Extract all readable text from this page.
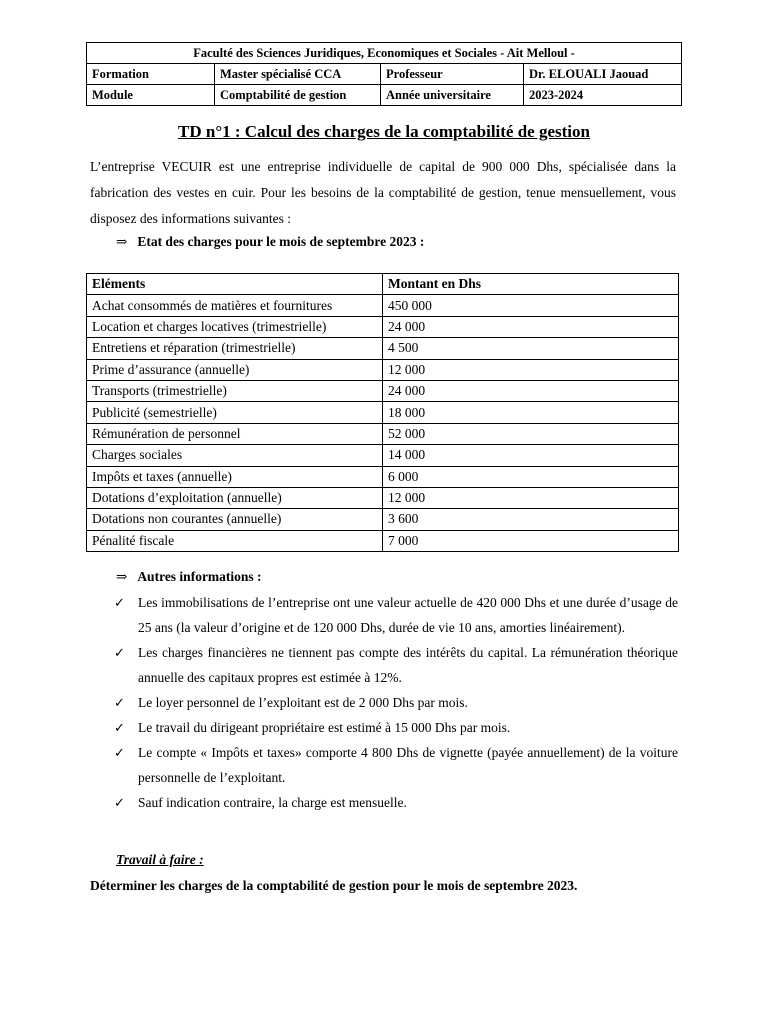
Faculté des Sciences Juridiques, Economiques et Sociales - Ait Melloul -			
Formation	Master spécialisé CCA	Professeur	Dr. ELOUALI Jaouad
Module	Comptabilité de gestion	Année universitaire	2023-2024
TD n°1 : Calcul des charges de la comptabilité de gestion

L’entreprise VECUIR est une entreprise individuelle de capital de 900 000 Dhs, spécialisée dans la fabrication des vestes en cuir. Pour les besoins de la comptabilité de gestion, tenue mensuellement, vous disposez des informations suivantes :

⇒ Etat des charges pour le mois de septembre 2023 :
Eléments	Montant en Dhs
Achat consommés de matières et fournitures	450 000
Location et charges locatives (trimestrielle)	24 000
Entretiens et réparation (trimestrielle)	4 500
Prime d’assurance (annuelle)	12 000
Transports (trimestrielle)	24 000
Publicité (semestrielle)	18 000
Rémunération de personnel	52 000
Charges sociales	14 000
Impôts et taxes (annuelle)	6 000
Dotations d’exploitation (annuelle)	12 000
Dotations non courantes (annuelle)	3 600
Pénalité fiscale	7 000
⇒ Autres informations :
✓ Les immobilisations de l’entreprise ont une valeur actuelle de 420 000 Dhs et une durée d’usage de 25 ans (la valeur d’origine et de 120 000 Dhs, durée de vie 10 ans, amorties linéairement).
✓ Les charges financières ne tiennent pas compte des intérêts du capital. La rémunération théorique annuelle des capitaux propres est estimée à 12%.
✓ Le loyer personnel de l’exploitant est de 2 000 Dhs par mois.
✓ Le travail du dirigeant propriétaire est estimé à 15 000 Dhs par mois.
✓ Le compte « Impôts et taxes» comporte 4 800 Dhs de vignette (payée annuellement) de la voiture personnelle de l’exploitant.
✓ Sauf indication contraire, la charge est mensuelle.
Travail à faire :
Déterminer les charges de la comptabilité de gestion pour le mois de septembre 2023.
